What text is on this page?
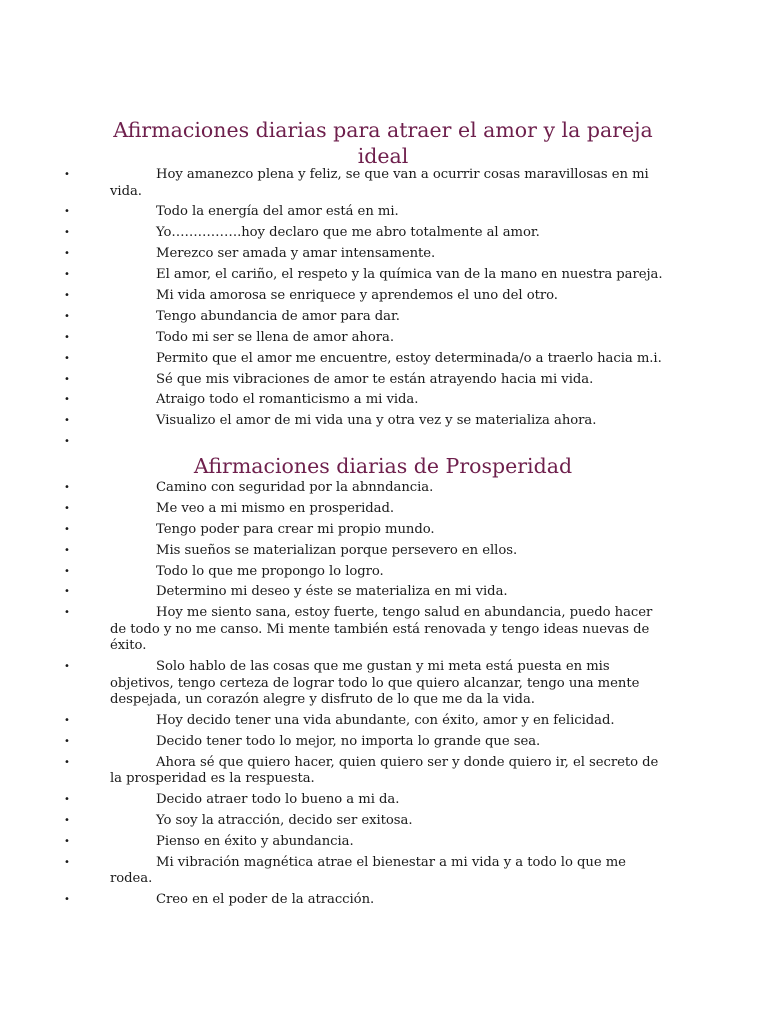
Afirmaciones diarias para atraer el amor y la pareja ideal
•	Hoy amanezco plena y feliz, se que van a ocurrir cosas maravillosas en mi vida.
•	Todo la energía del amor está en mi.
•	Yo…………….hoy declaro que me abro totalmente al amor.
•	Merezco ser amada y amar intensamente.
•	El amor, el cariño, el respeto y la química van de la mano en nuestra pareja.
•	Mi vida amorosa se enriquece y aprendemos el uno del otro.
•	Tengo abundancia de amor para dar.
•	Todo mi ser se llena de amor ahora.
•	Permito que el amor me encuentre, estoy determinada/o a traerlo hacia m.i.
•	Sé que mis vibraciones de amor te están atrayendo hacia mi vida.
•	Atraigo todo el romanticismo a mi vida.
•	Visualizo el amor de mi vida una y otra vez y se materializa ahora.
•
Afirmaciones diarias de Prosperidad
•	Camino con seguridad por la abnndancia.
•	Me veo a mi mismo en prosperidad.
•	Tengo poder para crear mi propio mundo.
•	Mis sueños se materializan porque persevero en ellos.
•	Todo lo que me propongo lo logro.
•	Determino mi deseo y éste se materializa en mi vida.
•	Hoy me siento sana, estoy fuerte, tengo salud en abundancia, puedo hacer de todo y no me canso. Mi mente también está renovada y tengo ideas nuevas de éxito.
•	Solo hablo de las cosas que me gustan y mi meta está puesta en mis objetivos, tengo certeza de lograr todo lo que quiero alcanzar, tengo una mente despejada, un corazón alegre y disfruto de lo que me da la vida.
•	Hoy decido tener una vida abundante, con éxito, amor y en felicidad.
•	Decido tener todo lo mejor, no importa lo grande que sea.
•	Ahora sé que quiero hacer, quien quiero ser y donde quiero ir, el secreto de la prosperidad es la respuesta.
•	Decido atraer todo lo bueno a mi da.
•	Yo soy la atracción, decido ser exitosa.
•	Pienso en éxito y abundancia.
•	Mi vibración magnética atrae el bienestar a mi vida y a todo lo que me rodea.
•	Creo en el poder de la atracción.
